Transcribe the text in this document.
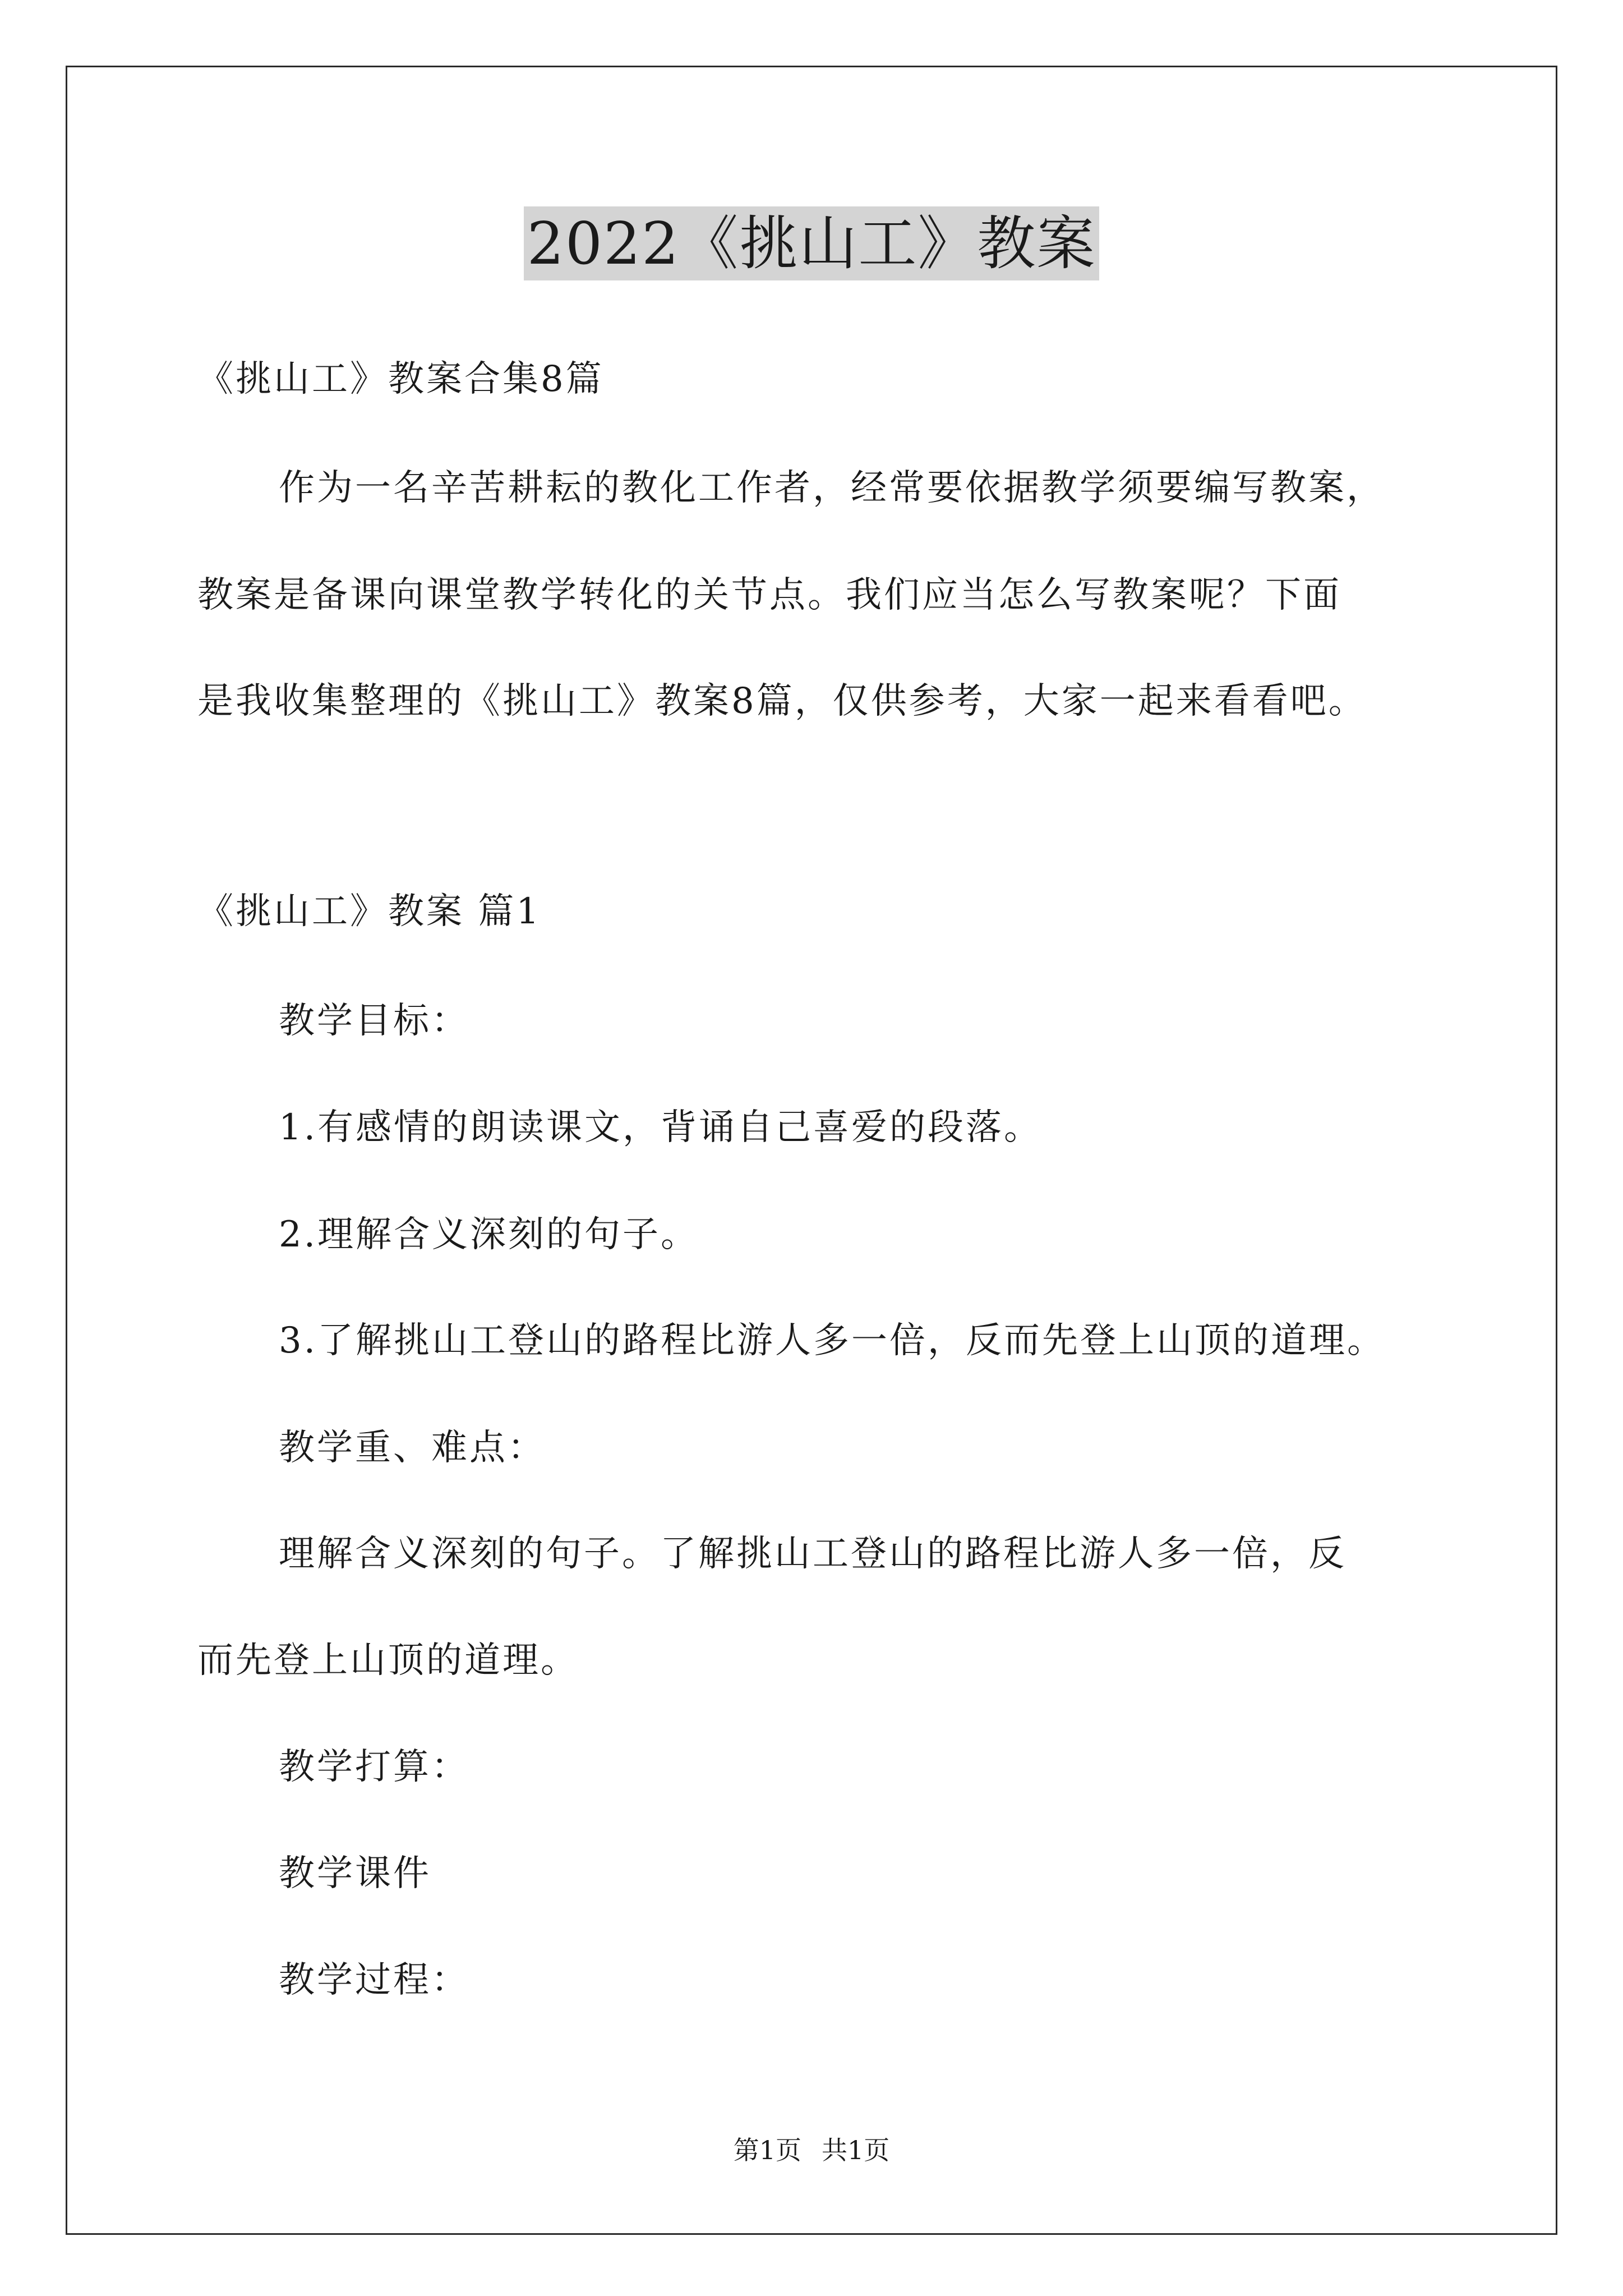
2022《挑山工》教案
《挑山工》教案合集8篇
作为一名辛苦耕耘的教化工作者，经常要依据教学须要编写教案，
教案是备课向课堂教学转化的关节点。我们应当怎么写教案呢？下面
是我收集整理的《挑山工》教案8篇，仅供参考，大家一起来看看吧。
《挑山工》教案 篇1
教学目标：
1.有感情的朗读课文，背诵自己喜爱的段落。
2.理解含义深刻的句子。
3.了解挑山工登山的路程比游人多一倍，反而先登上山顶的道理。
教学重、难点：
理解含义深刻的句子。了解挑山工登山的路程比游人多一倍，反
而先登上山顶的道理。
教学打算：
教学课件
教学过程：
第1页 共1页
